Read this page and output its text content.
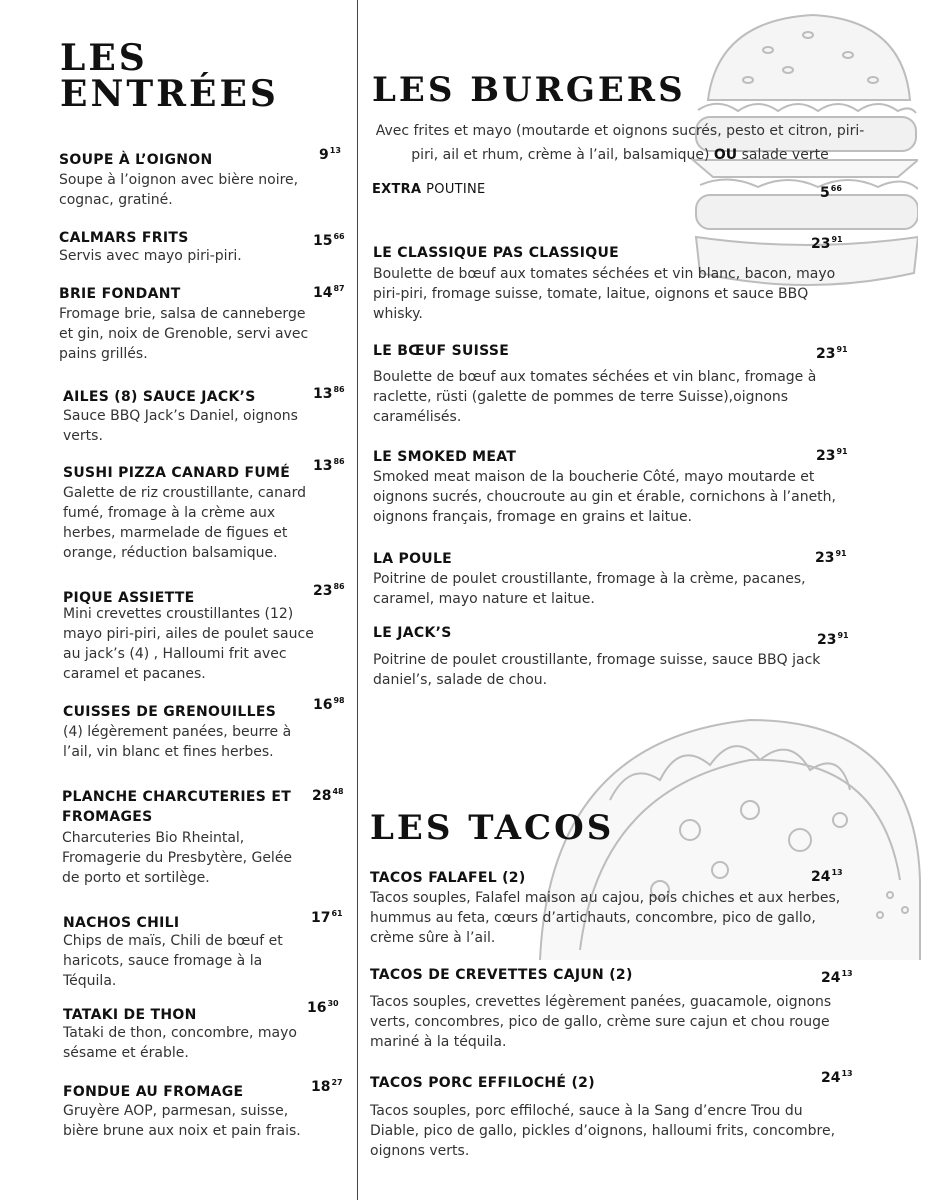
LES
ENTRÉES
SOUPE À L’OIGNON	$9^{13}$
Soupe à l’oignon avec bière noire, cognac, gratiné.
CALMARS FRITS	$15^{66}$
Servis avec mayo piri-piri.
BRIE FONDANT	$14^{87}$
Fromage brie, salsa de canneberge et gin, noix de Grenoble, servi avec pains grillés.
AILES (8) SAUCE JACK’S	$13^{86}$
Sauce BBQ Jack’s Daniel, oignons verts.
SUSHI PIZZA CANARD FUMÉ $13^{86}$
Galette de riz croustillante, canard fumé, fromage à la crème aux herbes, marmelade de figues et orange, réduction balsamique.
PIQUE ASSIETTE	$23^{86}$
Mini crevettes croustillantes (12) mayo piri-piri, ailes de poulet sauce au jack’s (4) , Halloumi frit avec caramel et pacanes.
CUISSES DE GRENOUILLES	$16^{98}$
(4) légèrement panées, beurre à l’ail, vin blanc et fines herbes.
PLANCHE CHARCUTERIES ET FROMAGES
$28^{48}$
Charcuteries Bio Rheintal, Fromagerie du Presbytère, Gelée de porto et sortilège.
NACHOS CHILI	$17^{61}$
Chips de maïs, Chili de bœuf et haricots, sauce fromage à la Téquila.
TATAKI DE THON	$16^{30}$
Tataki de thon, concombre, mayo sésame et érable.
FONDUE AU FROMAGE	$18^{27}$
Gruyère AOP, parmesan, suisse, bière brune aux noix et pain frais.
LES BURGERS
Avec frites et mayo (moutarde et oignons sucrés, pesto et citron, piri-piri, ail et rhum, crème à l’ail, balsamique) OU salade verte
EXTRA POUTINE	$5^{66}$
LE CLASSIQUE PAS CLASSIQUE
$23^{91}$
Boulette de bœuf aux tomates séchées et vin blanc, bacon, mayo piri-piri, fromage suisse, tomate, laitue, oignons et sauce BBQ whisky.
LE BŒUF SUISSE	$23^{91}$
Boulette de bœuf aux tomates séchées et vin blanc, fromage à raclette, rüsti (galette de pommes de terre Suisse),oignons caramélisés.
LE SMOKED MEAT	$23^{91}$
Smoked meat maison de la boucherie Côté, mayo moutarde et oignons sucrés, choucroute au gin et érable, cornichons à l’aneth, oignons français, fromage en grains et laitue.
LA POULE	$23^{91}$
Poitrine de poulet croustillante, fromage à la crème, pacanes, caramel, mayo nature et laitue.
LE JACK’S	$23^{91}$
Poitrine de poulet croustillante, fromage suisse, sauce BBQ jack daniel’s, salade de chou.
LES TACOS
TACOS FALAFEL (2)	$24^{13}$
Tacos souples, Falafel maison au cajou, pois chiches et aux herbes, hummus au feta, cœurs d’artichauts, concombre, pico de gallo, crème sûre à l’ail.
TACOS DE CREVETTES CAJUN (2)	$24^{13}$
Tacos souples, crevettes légèrement panées, guacamole, oignons verts, concombres, pico de gallo, crème sure cajun et chou rouge mariné à la téquila.
TACOS PORC EFFILOCHÉ (2)	$24^{13}$
Tacos souples, porc effiloché, sauce à la Sang d’encre Trou du Diable, pico de gallo, pickles d’oignons, halloumi frits, concombre, oignons verts.
